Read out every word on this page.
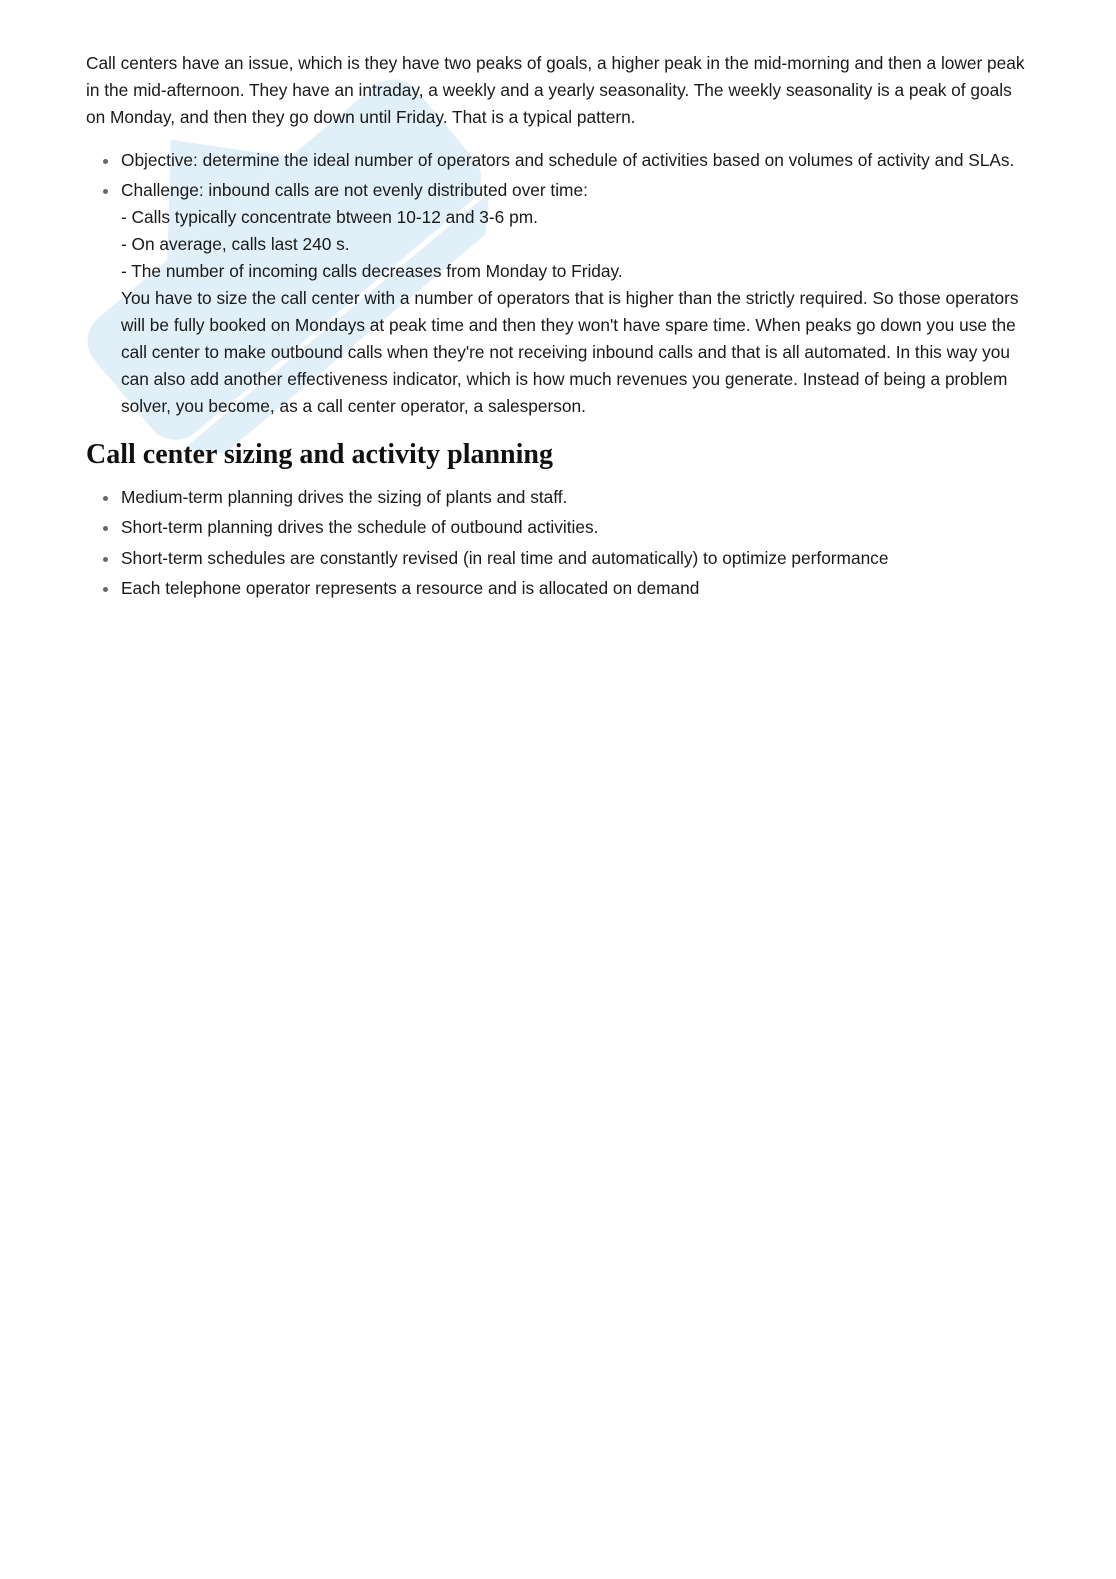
Call centers have an issue, which is they have two peaks of goals, a higher peak in the mid-morning and then a lower peak in the mid-afternoon. They have an intraday, a weekly and a yearly seasonality. The weekly seasonality is a peak of goals on Monday, and then they go down until Friday. That is a typical pattern.

Objective: determine the ideal number of operators and schedule of activities based on volumes of activity and SLAs.
Challenge: inbound calls are not evenly distributed over time:
- Calls typically concentrate btween 10-12 and 3-6 pm.
- On average, calls last 240 s.
- The number of incoming calls decreases from Monday to Friday.
You have to size the call center with a number of operators that is higher than the strictly required. So those operators will be fully booked on Mondays at peak time and then they won't have spare time. When peaks go down you use the call center to make outbound calls when they're not receiving inbound calls and that is all automated. In this way you can also add another effectiveness indicator, which is how much revenues you generate. Instead of being a problem solver, you become, as a call center operator, a salesperson.
Call center sizing and activity planning
Medium-term planning drives the sizing of plants and staff.
Short-term planning drives the schedule of outbound activities.
Short-term schedules are constantly revised (in real time and automatically) to optimize performance
Each telephone operator represents a resource and is allocated on demand
